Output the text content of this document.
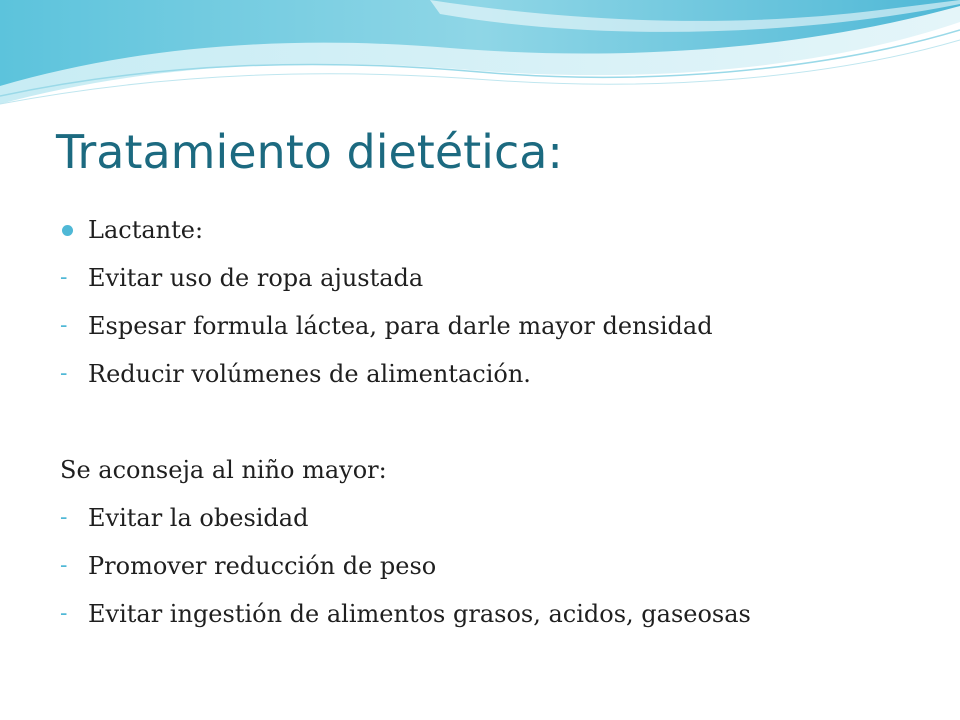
Tratamiento dietética:
Lactante:
- Evitar uso de ropa ajustada
- Espesar formula láctea, para darle mayor densidad
- Reducir volúmenes de alimentación.
Se aconseja al niño mayor:
- Evitar la obesidad
- Promover reducción de peso
- Evitar ingestión de alimentos grasos, acidos, gaseosas
